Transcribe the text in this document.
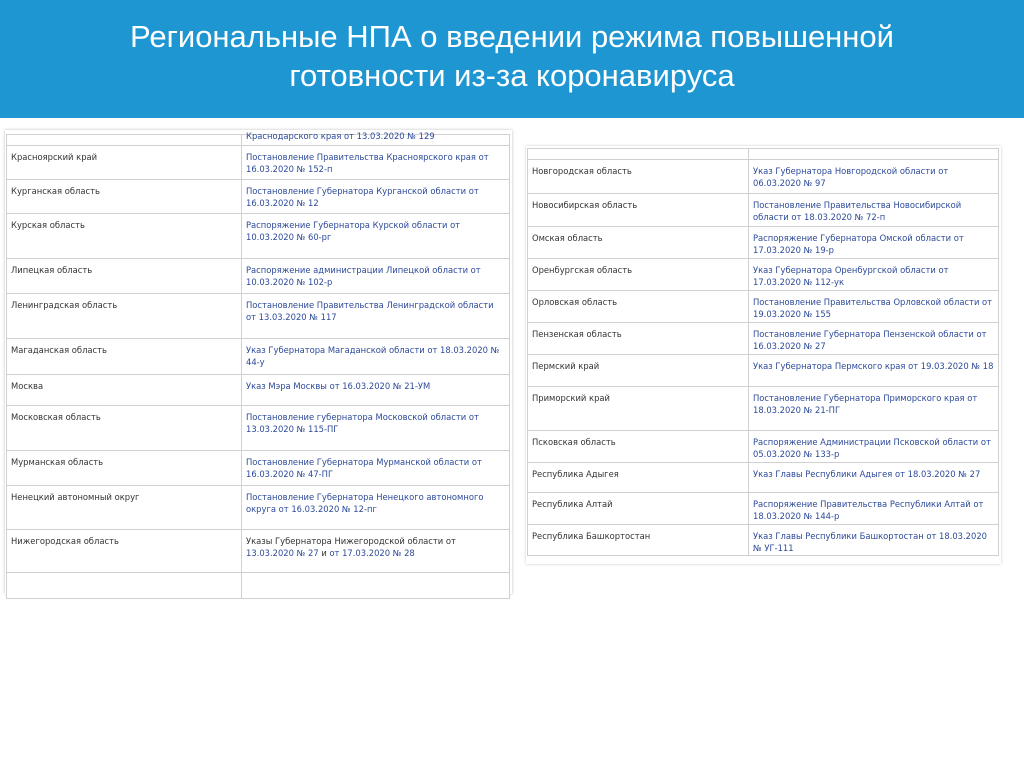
Региональные НПА о введении режима повышенной готовности из-за коронавируса

	Краснодарского края от 13.03.2020 № 129

Красноярский край	Постановление Правительства Красноярского края от 16.03.2020 № 152-п
Курганская область	Постановление Губернатора Курганской области от 16.03.2020 № 12
Курская область	Распоряжение Губернатора Курской области от 10.03.2020 № 60-рг
Липецкая область	Распоряжение администрации Липецкой области от 10.03.2020 № 102-р
Ленинградская область	Постановление Правительства Ленинградской области от 13.03.2020 № 117
Магаданская область	Указ Губернатора Магаданской области от 18.03.2020 № 44-у
Москва	Указ Мэра Москвы от 16.03.2020 № 21-УМ
Московская область	Постановление губернатора Московской области от 13.03.2020 № 115-ПГ
Мурманская область	Постановление Губернатора Мурманской области от 16.03.2020 № 47-ПГ
Ненецкий автономный округ	Постановление Губернатора Ненецкого автономного округа от 16.03.2020 № 12-пг
Нижегородская область	Указы Губернатора Нижегородской области от 13.03.2020 № 27 и от 17.03.2020 № 28

Новгородская область	Указ Губернатора Новгородской области от 06.03.2020 № 97
Новосибирская область	Постановление Правительства Новосибирской области от 18.03.2020 № 72-п
Омская область	Распоряжение Губернатора Омской области от 17.03.2020 № 19-р
Оренбургская область	Указ Губернатора Оренбургской области от 17.03.2020 № 112-ук
Орловская область	Постановление Правительства Орловской области от 19.03.2020 № 155
Пензенская область	Постановление Губернатора Пензенской области от 16.03.2020 № 27
Пермский край	Указ Губернатора Пермского края от 19.03.2020 № 18
Приморский край	Постановление Губернатора Приморского края от 18.03.2020 № 21-ПГ
Псковская область	Распоряжение Администрации Псковской области от 05.03.2020 № 133-р
Республика Адыгея	Указ Главы Республики Адыгея от 18.03.2020 № 27
Республика Алтай	Распоряжение Правительства Республики Алтай от 18.03.2020 № 144-р
Республика Башкортостан	Указ Главы Республики Башкортостан от 18.03.2020 № УГ-111
